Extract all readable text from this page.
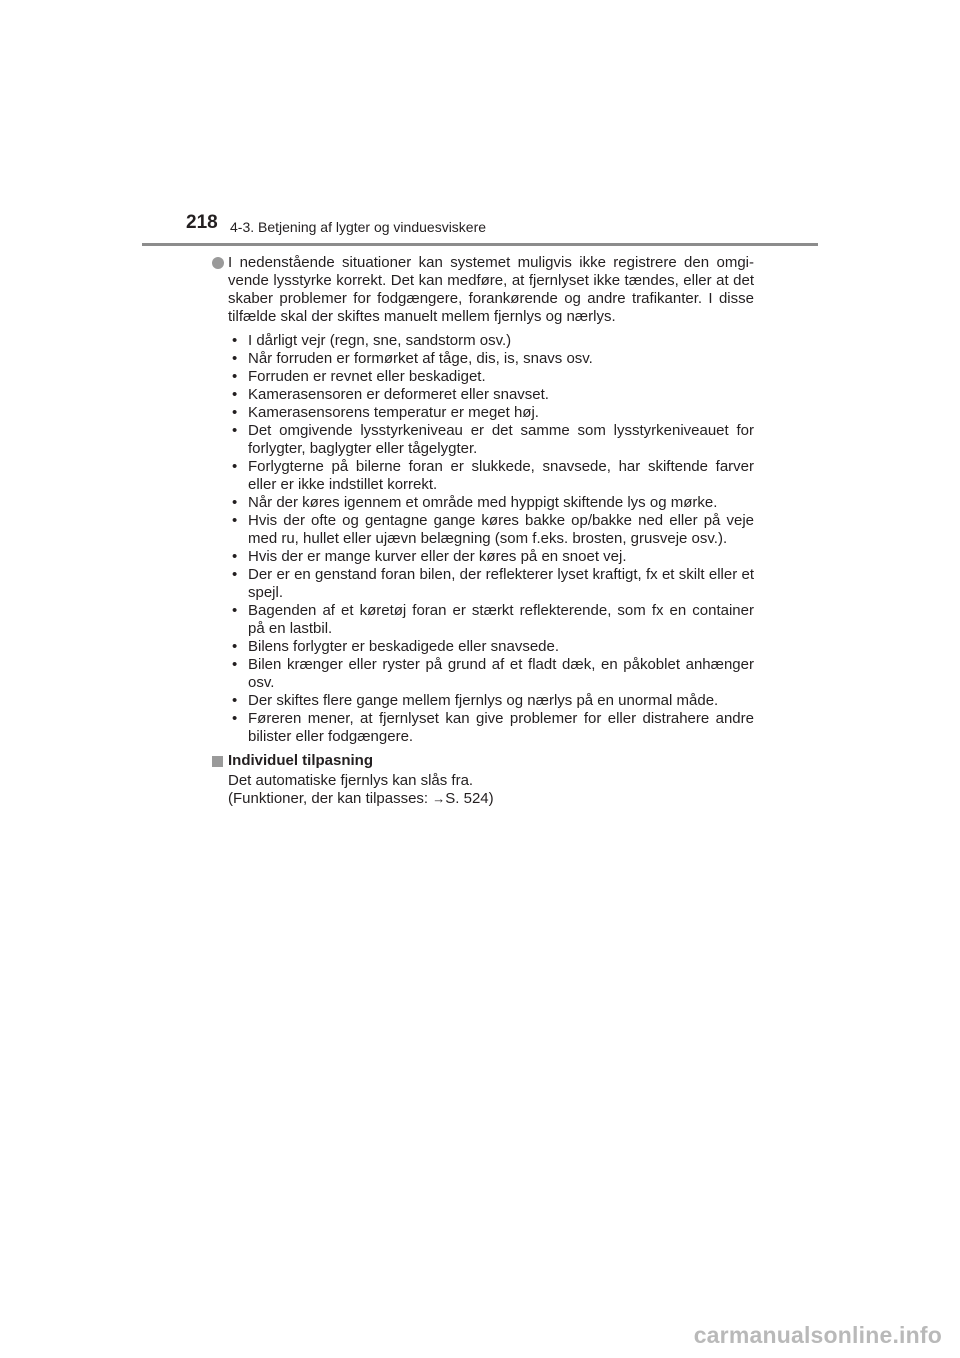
218 4-3. Betjening af lygter og vinduesviskere
I nedenstående situationer kan systemet muligvis ikke registrere den omgi-vende lysstyrke korrekt. Det kan medføre, at fjernlyset ikke tændes, eller at det skaber problemer for fodgængere, forankørende og andre trafikanter. I disse tilfælde skal der skiftes manuelt mellem fjernlys og nærlys.
• I dårligt vejr (regn, sne, sandstorm osv.)
• Når forruden er formørket af tåge, dis, is, snavs osv.
• Forruden er revnet eller beskadiget.
• Kamerasensoren er deformeret eller snavset.
• Kamerasensorens temperatur er meget høj.
• Det omgivende lysstyrkeniveau er det samme som lysstyrkeniveauet for forlygter, baglygter eller tågelygter.
• Forlygterne på bilerne foran er slukkede, snavsede, har skiftende farver eller er ikke indstillet korrekt.
• Når der køres igennem et område med hyppigt skiftende lys og mørke.
• Hvis der ofte og gentagne gange køres bakke op/bakke ned eller på veje med ru, hullet eller ujævn belægning (som f.eks. brosten, grusveje osv.).
• Hvis der er mange kurver eller der køres på en snoet vej.
• Der er en genstand foran bilen, der reflekterer lyset kraftigt, fx et skilt eller et spejl.
• Bagenden af et køretøj foran er stærkt reflekterende, som fx en container på en lastbil.
• Bilens forlygter er beskadigede eller snavsede.
• Bilen krænger eller ryster på grund af et fladt dæk, en påkoblet anhænger osv.
• Der skiftes flere gange mellem fjernlys og nærlys på en unormal måde.
• Føreren mener, at fjernlyset kan give problemer for eller distrahere andre bilister eller fodgængere.
Individuel tilpasning
Det automatiske fjernlys kan slås fra.
(Funktioner, der kan tilpasses: →S. 524)
carmanualsonline.info
